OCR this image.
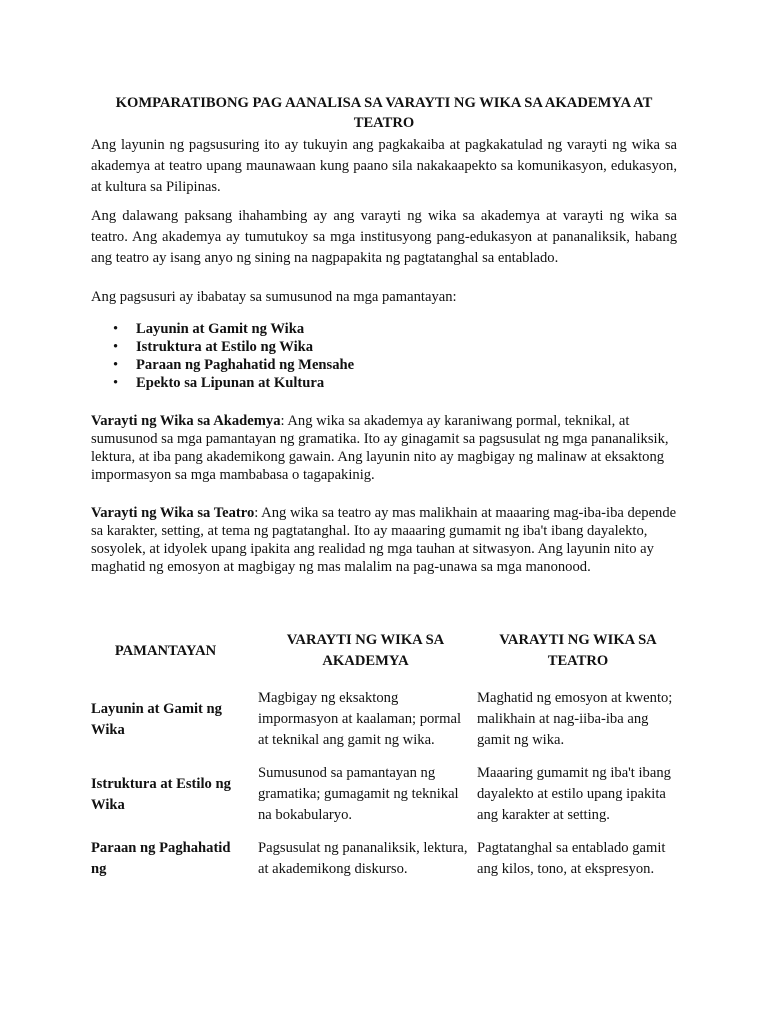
KOMPARATIBONG PAG AANALISA SA VARAYTI NG WIKA SA AKADEMYA AT TEATRO

Ang layunin ng pagsusuring ito ay tukuyin ang pagkakaiba at pagkakatulad ng varayti ng wika sa akademya at teatro upang maunawaan kung paano sila nakakaapekto sa komunikasyon, edukasyon, at kultura sa Pilipinas.

Ang dalawang paksang ihahambing ay ang varayti ng wika sa akademya at varayti ng wika sa teatro. Ang akademya ay tumutukoy sa mga institusyong pang-edukasyon at pananaliksik, habang ang teatro ay isang anyo ng sining na nagpapakita ng pagtatanghal sa entablado.

Ang pagsusuri ay ibabatay sa sumusunod na mga pamantayan:

• Layunin at Gamit ng Wika
• Istruktura at Estilo ng Wika
• Paraan ng Paghahatid ng Mensahe
• Epekto sa Lipunan at Kultura

Varayti ng Wika sa Akademya: Ang wika sa akademya ay karaniwang pormal, teknikal, at sumusunod sa mga pamantayan ng gramatika. Ito ay ginagamit sa pagsusulat ng mga pananaliksik, lektura, at iba pang akademikong gawain. Ang layunin nito ay magbigay ng malinaw at eksaktong impormasyon sa mga mambabasa o tagapakinig.

Varayti ng Wika sa Teatro: Ang wika sa teatro ay mas malikhain at maaaring mag-iba-iba depende sa karakter, setting, at tema ng pagtatanghal. Ito ay maaaring gumamit ng iba't ibang dayalekto, sosyolek, at idyolek upang ipakita ang realidad ng mga tauhan at sitwasyon. Ang layunin nito ay maghatid ng emosyon at magbigay ng mas malalim na pag-unawa sa mga manonood.

PAMANTAYAN	VARAYTI NG WIKA SA AKADEMYA	VARAYTI NG WIKA SA TEATRO
Layunin at Gamit ng Wika	Magbigay ng eksaktong impormasyon at kaalaman; pormal at teknikal ang gamit ng wika.	Maghatid ng emosyon at kwento; malikhain at nag-iiba-iba ang gamit ng wika.
Istruktura at Estilo ng Wika	Sumusunod sa pamantayan ng gramatika; gumagamit ng teknikal na bokabularyo.	Maaaring gumamit ng iba't ibang dayalekto at estilo upang ipakita ang karakter at setting.
Paraan ng Paghahatid ng	Pagsusulat ng pananaliksik, lektura, at akademikong diskurso.	Pagtatanghal sa entablado gamit ang kilos, tono, at ekspresyon.
